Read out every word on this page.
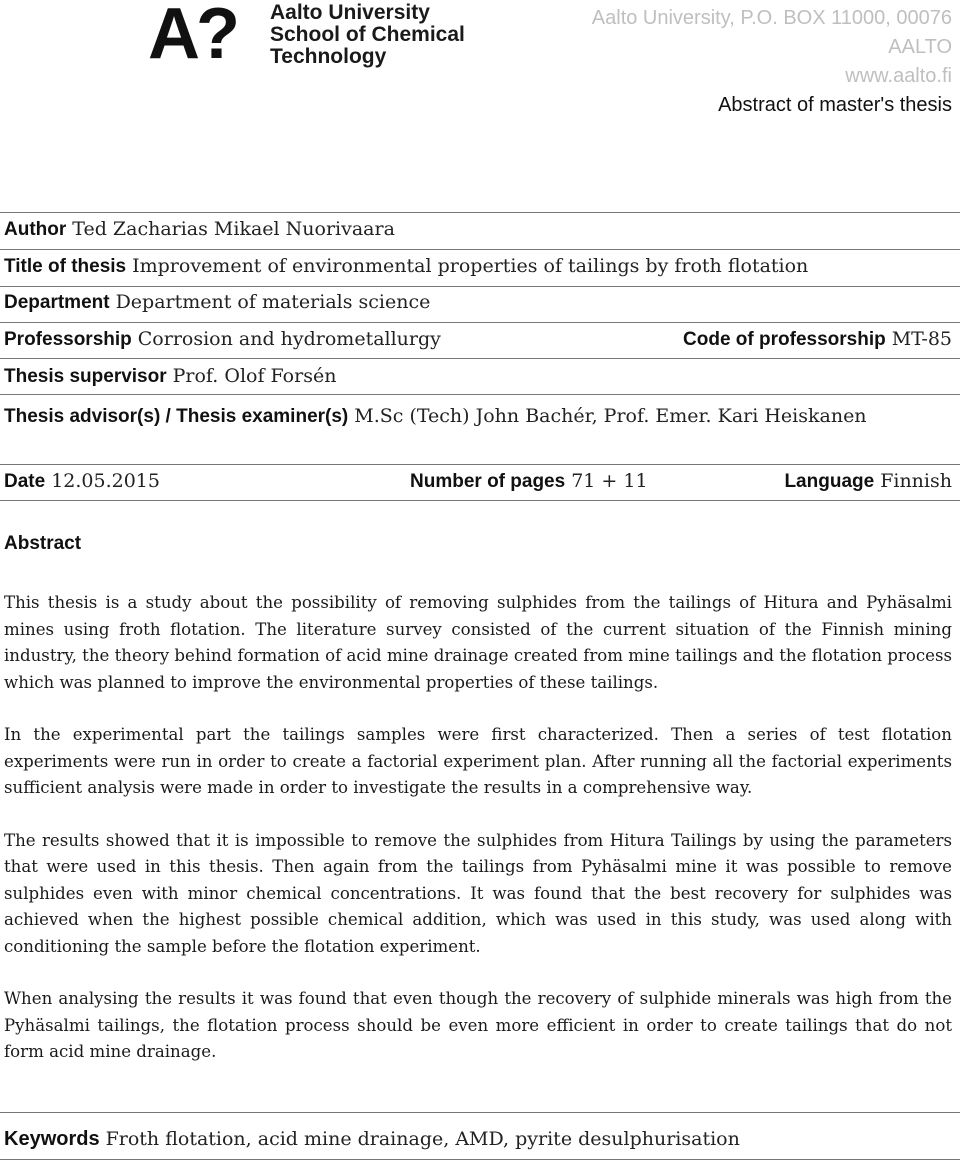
A?	Aalto University
School of Chemical
Technology
Aalto University, P.O. BOX 11000, 00076
AALTO
www.aalto.fi
Abstract of master's thesis
Author Ted Zacharias Mikael Nuorivaara
Title of thesis Improvement of environmental properties of tailings by froth flotation
Department Department of materials science
Professorship Corrosion and hydrometallurgy	Code of professorship MT-85
Thesis supervisor Prof. Olof Forsén
Thesis advisor(s) / Thesis examiner(s) M.Sc (Tech) John Bachér, Prof. Emer. Kari Heiskanen
Date 12.05.2015	Number of pages 71 + 11	Language Finnish
Abstract

This thesis is a study about the possibility of removing sulphides from the tailings of Hitura and Pyhäsalmi mines using froth flotation. The literature survey consisted of the current situation of the Finnish mining industry, the theory behind formation of acid mine drainage created from mine tailings and the flotation process which was planned to improve the environmental properties of these tailings.

In the experimental part the tailings samples were first characterized. Then a series of test flotation experiments were run in order to create a factorial experiment plan. After running all the factorial experiments sufficient analysis were made in order to investigate the results in a comprehensive way.

The results showed that it is impossible to remove the sulphides from Hitura Tailings by using the parameters that were used in this thesis. Then again from the tailings from Pyhäsalmi mine it was possible to remove sulphides even with minor chemical concentrations. It was found that the best recovery for sulphides was achieved when the highest possible chemical addition, which was used in this study, was used along with conditioning the sample before the flotation experiment.

When analysing the results it was found that even though the recovery of sulphide minerals was high from the Pyhäsalmi tailings, the flotation process should be even more efficient in order to create tailings that do not form acid mine drainage.

Keywords Froth flotation, acid mine drainage, AMD, pyrite desulphurisation
